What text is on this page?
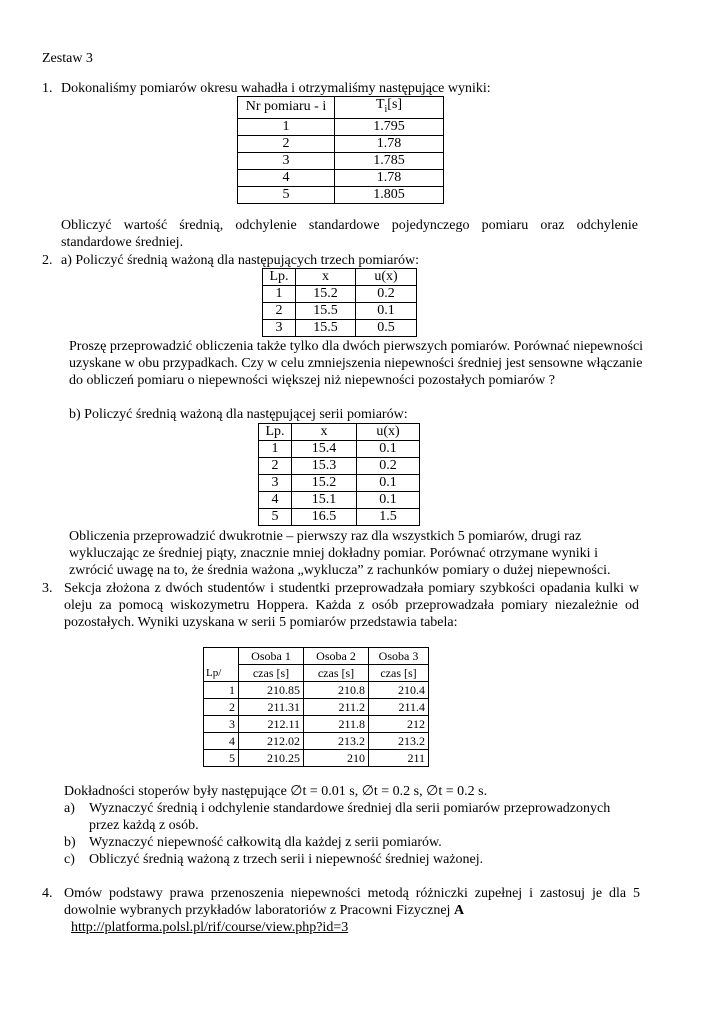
Zestaw 3
1. Dokonaliśmy pomiarów okresu wahadła i otrzymaliśmy następujące wyniki:
Nr pomiaru - i	$T_i[s]$
1	1.795
2	1.78
3	1.785
4	1.78
5	1.805
Obliczyć wartość średnią, odchylenie standardowe pojedynczego pomiaru oraz odchylenie standardowe średniej.
2. a) Policzyć średnią ważoną dla następujących trzech pomiarów:
Lp.	x	u(x)
1	15.2	0.2
2	15.5	0.1
3	15.5	0.5
Proszę przeprowadzić obliczenia także tylko dla dwóch pierwszych pomiarów. Porównać niepewności uzyskane w obu przypadkach. Czy w celu zmniejszenia niepewności średniej jest sensowne włączanie do obliczeń pomiaru o niepewności większej niż niepewności pozostałych pomiarów ?
b) Policzyć średnią ważoną dla następującej serii pomiarów:
Lp.	x	u(x)
1	15.4	0.1
2	15.3	0.2
3	15.2	0.1
4	15.1	0.1
5	16.5	1.5
Obliczenia przeprowadzić dwukrotnie – pierwszy raz dla wszystkich 5 pomiarów, drugi raz wykluczając ze średniej piąty, znacznie mniej dokładny pomiar. Porównać otrzymane wyniki i zwrócić uwagę na to, że średnia ważona „wyklucza” z rachunków pomiary o dużej niepewności.
3. Sekcja złożona z dwóch studentów i studentki przeprowadzała pomiary szybkości opadania kulki w oleju za pomocą wiskozymetru Hoppera. Każda z osób przeprowadzała pomiary niezależnie od pozostałych. Wyniki uzyskana w serii 5 pomiarów przedstawia tabela:
Lp/	Osoba 1	Osoba 2	Osoba 3
	czas [s]	czas [s]	czas [s]
1	210.85	210.8	210.4
2	211.31	211.2	211.4
3	212.11	211.8	212
4	212.02	213.2	213.2
5	210.25	210	211
Dokładności stoperów były następujące ∅t = 0.01 s, ∅t = 0.2 s, ∅t = 0.2 s.
a) Wyznaczyć średnią i odchylenie standardowe średniej dla serii pomiarów przeprowadzonych przez każdą z osób.
b) Wyznaczyć niepewność całkowitą dla każdej z serii pomiarów.
c) Obliczyć średnią ważoną z trzech serii i niepewność średniej ważonej.
4. Omów podstawy prawa przenoszenia niepewności metodą różniczki zupełnej i zastosuj je dla 5 dowolnie wybranych przykładów laboratoriów z Pracowni Fizycznej A
http://platforma.polsl.pl/rif/course/view.php?id=3
